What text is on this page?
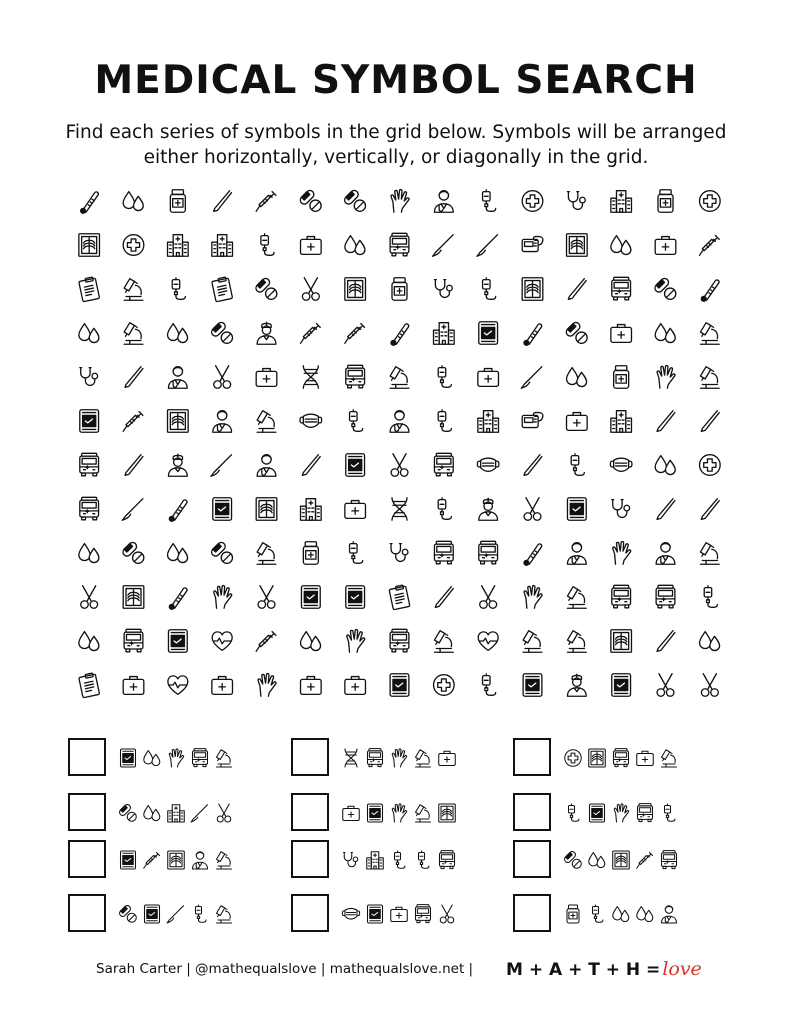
MEDICAL SYMBOL SEARCH

Find each series of symbols in the grid below. Symbols will be arranged either horizontally, vertically, or diagonally in the grid.

Sarah Carter | @mathequalslove | mathequalslove.net | M + A + T + H = love
